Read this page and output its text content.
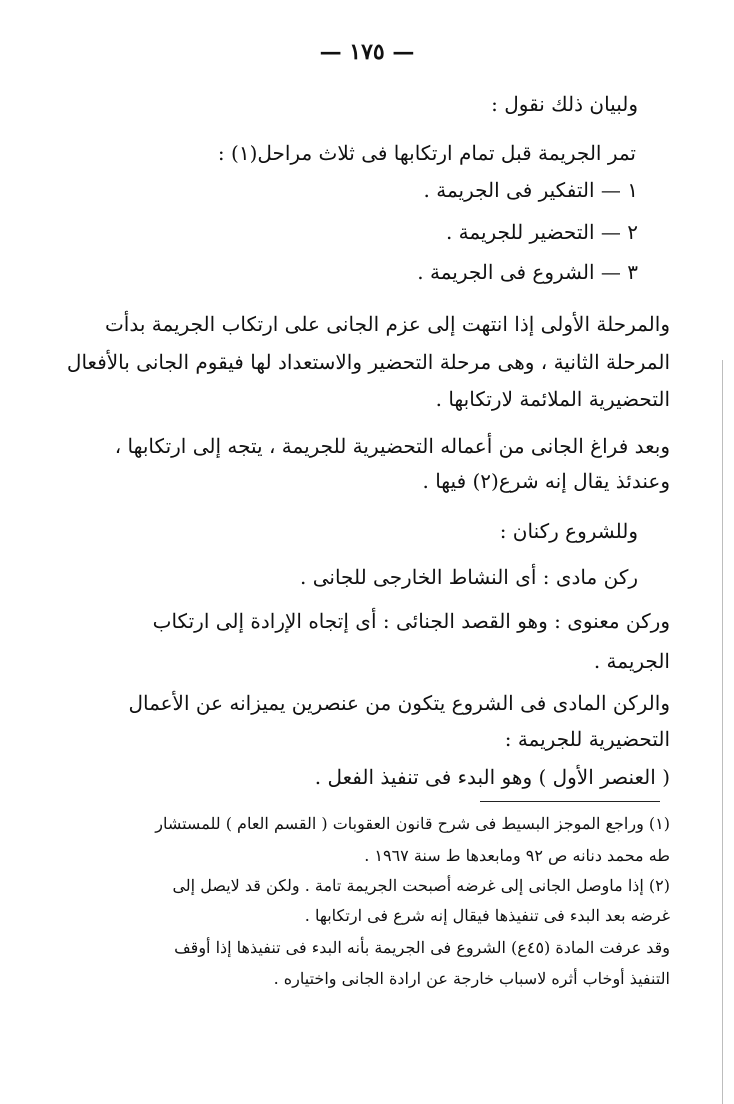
— ١٧٥ —
ولبيان ذلك نقول :
تمر الجريمة قبل تمام ارتكابها فى ثلاث مراحل(١) :
١ — التفكير فى الجريمة .
٢ — التحضير للجريمة .
٣ — الشروع فى الجريمة .
والمرحلة الأولى إذا انتهت إلى عزم الجانى على ارتكاب الجريمة بدأت
المرحلة الثانية ، وهى مرحلة التحضير والاستعداد لها فيقوم الجانى بالأفعال
التحضيرية الملائمة لارتكابها .
وبعد فراغ الجانى من أعماله التحضيرية للجريمة ، يتجه إلى ارتكابها ،
وعندئذ يقال إنه شرع(٢) فيها .
وللشروع ركنان :
ركن مادى : أى النشاط الخارجى للجانى .
وركن معنوى : وهو القصد الجنائى : أى إتجاه الإرادة إلى ارتكاب
الجريمة .
والركن المادى فى الشروع يتكون من عنصرين يميزانه عن الأعمال
التحضيرية للجريمة :
( العنصر الأول ) وهو البدء فى تنفيذ الفعل .
(١) وراجع الموجز البسيط فى شرح قانون العقوبات ( القسم العام ) للمستشار
طه محمد دنانه ص ٩٢ ومابعدها ط سنة ١٩٦٧ .
(٢) إذا ماوصل الجانى إلى غرضه أصبحت الجريمة تامة . ولكن قد لايصل إلى
غرضه بعد البدء فى تنفيذها فيقال إنه شرع فى ارتكابها .
وقد عرفت المادة (٤٥ع) الشروع فى الجريمة بأنه البدء فى تنفيذها إذا أوقف
التنفيذ أوخاب أثره لاسباب خارجة عن ارادة الجانى واختياره .
